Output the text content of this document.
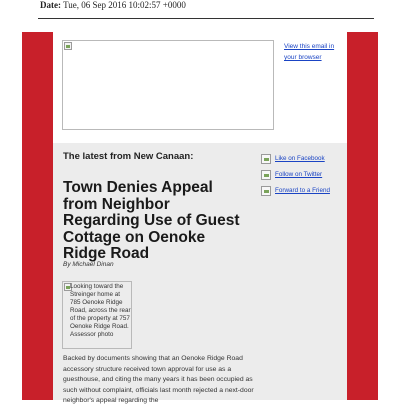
Date: Tue, 06 Sep 2016 10:02:57 +0000
View this email in your browser
The latest from New Canaan:	Like on Facebook
Follow on Twitter
Forward to a Friend
Town Denies Appeal from Neighbor Regarding Use of Guest Cottage on Oenoke Ridge Road
By Michael Dinan
Looking toward the Streinger home at 785 Oenoke Ridge Road, across the rear of the property at 757 Oenoke Ridge Road. Assessor photo

Backed by documents showing that an Oenoke Ridge Road accessory structure received town approval for use as a guesthouse, and citing the many years it has been occupied as such without complaint, officials last month rejected a next-door neighbor's appeal regarding the
